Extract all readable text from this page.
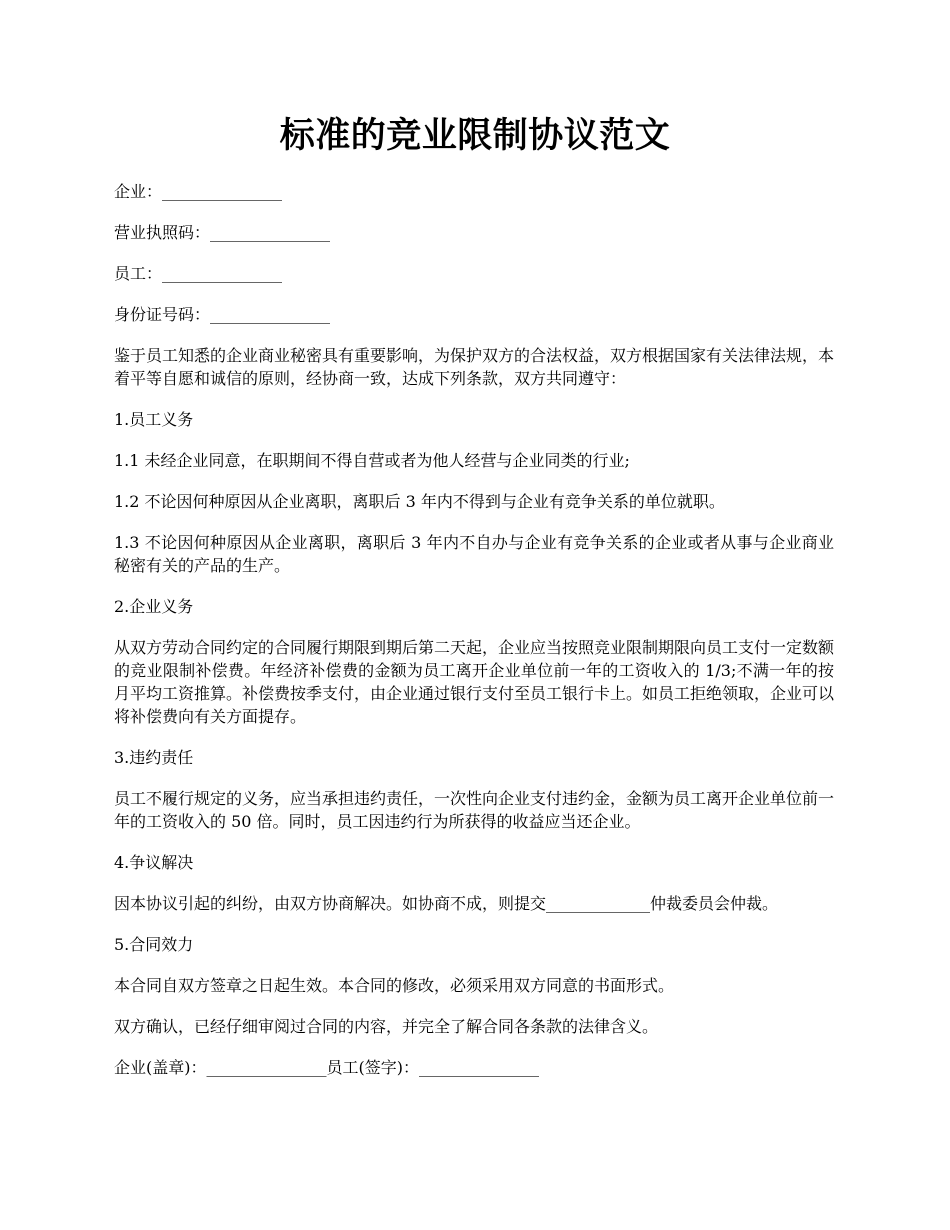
标准的竞业限制协议范文

企业：_______________

营业执照码：_______________

员工：_______________

身份证号码：_______________

鉴于员工知悉的企业商业秘密具有重要影响，为保护双方的合法权益，双方根据国家有关法律法规，本着平等自愿和诚信的原则，经协商一致，达成下列条款，双方共同遵守：

1.员工义务

1.1 未经企业同意，在职期间不得自营或者为他人经营与企业同类的行业;

1.2 不论因何种原因从企业离职，离职后 3 年内不得到与企业有竞争关系的单位就职。

1.3 不论因何种原因从企业离职，离职后 3 年内不自办与企业有竞争关系的企业或者从事与企业商业秘密有关的产品的生产。

2.企业义务

从双方劳动合同约定的合同履行期限到期后第二天起，企业应当按照竞业限制期限向员工支付一定数额的竞业限制补偿费。年经济补偿费的金额为员工离开企业单位前一年的工资收入的 1/3;不满一年的按月平均工资推算。补偿费按季支付，由企业通过银行支付至员工银行卡上。如员工拒绝领取，企业可以将补偿费向有关方面提存。

3.违约责任

员工不履行规定的义务，应当承担违约责任，一次性向企业支付违约金，金额为员工离开企业单位前一年的工资收入的 50 倍。同时，员工因违约行为所获得的收益应当还企业。

4.争议解决

因本协议引起的纠纷，由双方协商解决。如协商不成，则提交_____________仲裁委员会仲裁。

5.合同效力

本合同自双方签章之日起生效。本合同的修改，必须采用双方同意的书面形式。

双方确认，已经仔细审阅过合同的内容，并完全了解合同各条款的法律含义。

企业(盖章)：_______________员工(签字)：_______________
